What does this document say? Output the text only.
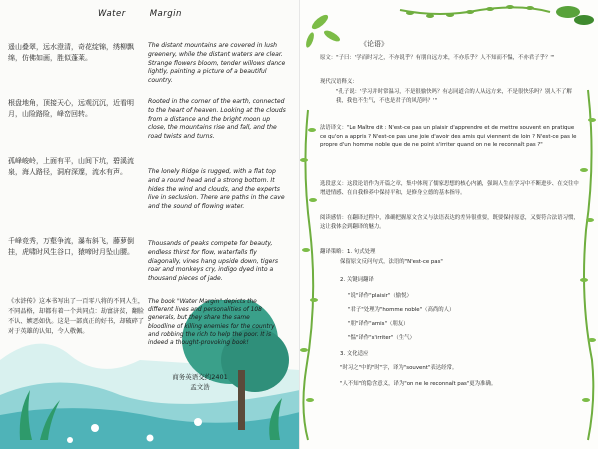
Water	Margin
遥山叠翠，远水澄清，奇花绽锦，绣柳飘绵，仿佛如画，胜似蓬莱。
根盘地角，顶接天心，远观沉沉，近看明月，山险路险，峰峦回转。
孤峰峻岭，上面有平，山间下坑，碧溪流泉，海人路径，洞府深邃，流水有声。
千峰竞秀，万壑争流，瀑布斜飞，藤萝倒挂，虎啸时风生谷口，猿啼时月坠山腰。
The distant mountains are covered in lush greenery, while the distant waters are clear. Strange flowers bloom, tender willows dance lightly, painting a picture of a beautiful country.
Rooted in the corner of the earth, connected to the heart of heaven. Looking at the clouds from a distance and the bright moon up close, the mountains rise and fall, and the road twists and turns.
The lonely Ridge is rugged, with a flat top and a round head and a strong bottom. It hides the wind and clouds, and the experts live in seclusion. There are paths in the cave and the sound of flowing water.
Thousands of peaks compete for beauty, endless thirst for flow, waterfalls fly diagonally, vines hang upside down, tigers roar and monkeys cry, indigo dyed into a thousand pieces of jade.
《水浒传》这本书写出了一百零八将的不同人生，不同品格，却都有着一个共同点：劫富济贫，翻脸不认、嫉恶如仇。这是一部真正的好书，却破碎了对于英雄的认知，令人敬佩。
The book "Water Margin" depicts the different lives and personalities of 108 generals, but they share the same bloodline of killing enemies for the country and robbing the rich to help the poor. It is indeed a thought-provoking book!
商务英语交约2401
孟文浩
《论语》
原文："子曰：'学而时习之，不亦说乎？有朋自远方来，不亦乐乎？人不知而不愠，不亦君子乎？'"
现代汉语释义：
"孔子说：'学习并时常温习，不是很愉快吗？有志同道合的人从远方来，不是很快乐吗？别人不了解我，我也不生气，不也是君子的风范吗？'"
法语译文："Le Maître dit : N'est-ce pas un plaisir d'apprendre et de mettre souvent en pratique ce qu'on a appris ? N'est-ce pas une joie d'avoir des amis qui viennent de loin ? N'est-ce pas le propre d'un homme noble que de ne point s'irriter quand on ne le reconnaît pas ?"
选段意义：这段论语作为开篇之章，集中体现了儒家思想的核心内涵，强调人生在学习中不断进步、在交往中增进情感、在自我修养中保持平和，是修身立德的基本指导。
阅读感悟：在翻译过程中，准确把握原文含义与法语表达的差异很重要，既要保持原意，又要符合法语习惯，这让我体会到翻译的魅力。
翻译策略：1. 句式处理
保留原文反问句式，法语的"N'est-ce pas"
2. 关键词翻译
"说"译作"plaisir"（愉悦）
"君子"处理为"homme noble"（高尚的人）
"朋"译作"amis"（朋友）
"愠"译作"s'irriter"（生气）
3. 文化适应
"时习之"中的"时"字，译为"souvent"表达经常。
"人不知"的隐含意义，译为"on ne le reconnaît pas"更为准确。
